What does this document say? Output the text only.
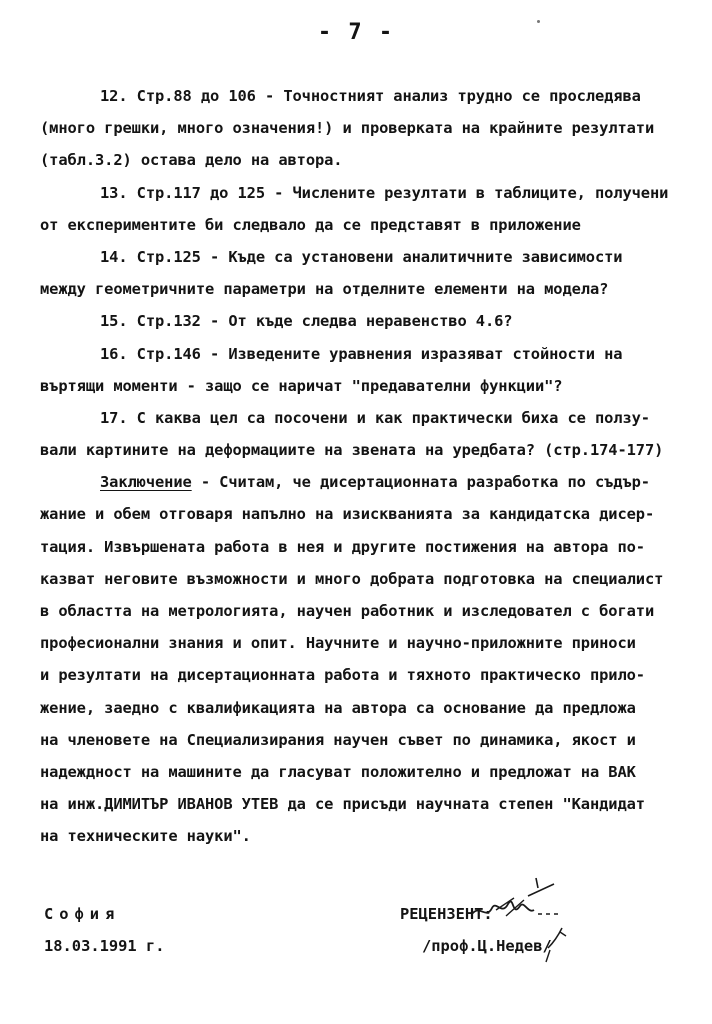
- 7 -
12. Стр.88 до 106 - Точностният анализ трудно се проследява
(много грешки, много означения!) и проверката на крайните резултати
(табл.3.2) остава дело на автора.
13. Стр.117 до 125 - Числените резултати в таблиците, получени
от експериментите би следвало да се представят в приложение
14. Стр.125 - Къде са установени аналитичните зависимости
между геометричните параметри на отделните елементи на модела?
15. Стр.132 - От къде следва неравенство 4.6?
16. Стр.146 - Изведените уравнения изразяват стойности на
въртящи моменти - защо се наричат "предавателни функции"?
17. С каква цел са посочени и как практически биха се ползу-
вали картините на деформациите на звената на уредбата? (стр.174-177)
Заключение - Считам, че дисертационната разработка по съдър-
жание и обем отговаря напълно на изискванията за кандидатска дисер-
тация. Извършената работа в нея и другите постижения на автора по-
казват неговите възможности и много добрата подготовка на специалист
в областта на метрологията, научен работник и изследовател с богати
професионални знания и опит. Научните и научно-приложните приноси
и резултати на дисертационната работа и тяхното практическо прило-
жение, заедно с квалификацията на автора са основание да предложа
на членовете на Специализирания научен съвет по динамика, якост и
надеждност на машините да гласуват положително и предложат на ВАК
на инж.ДИМИТЪР ИВАНОВ УТЕВ да се присъди научната степен "Кандидат
на техническите науки".
София
18.03.1991 г.
РЕЦЕНЗЕНТ:
/проф.Ц.Недев/
